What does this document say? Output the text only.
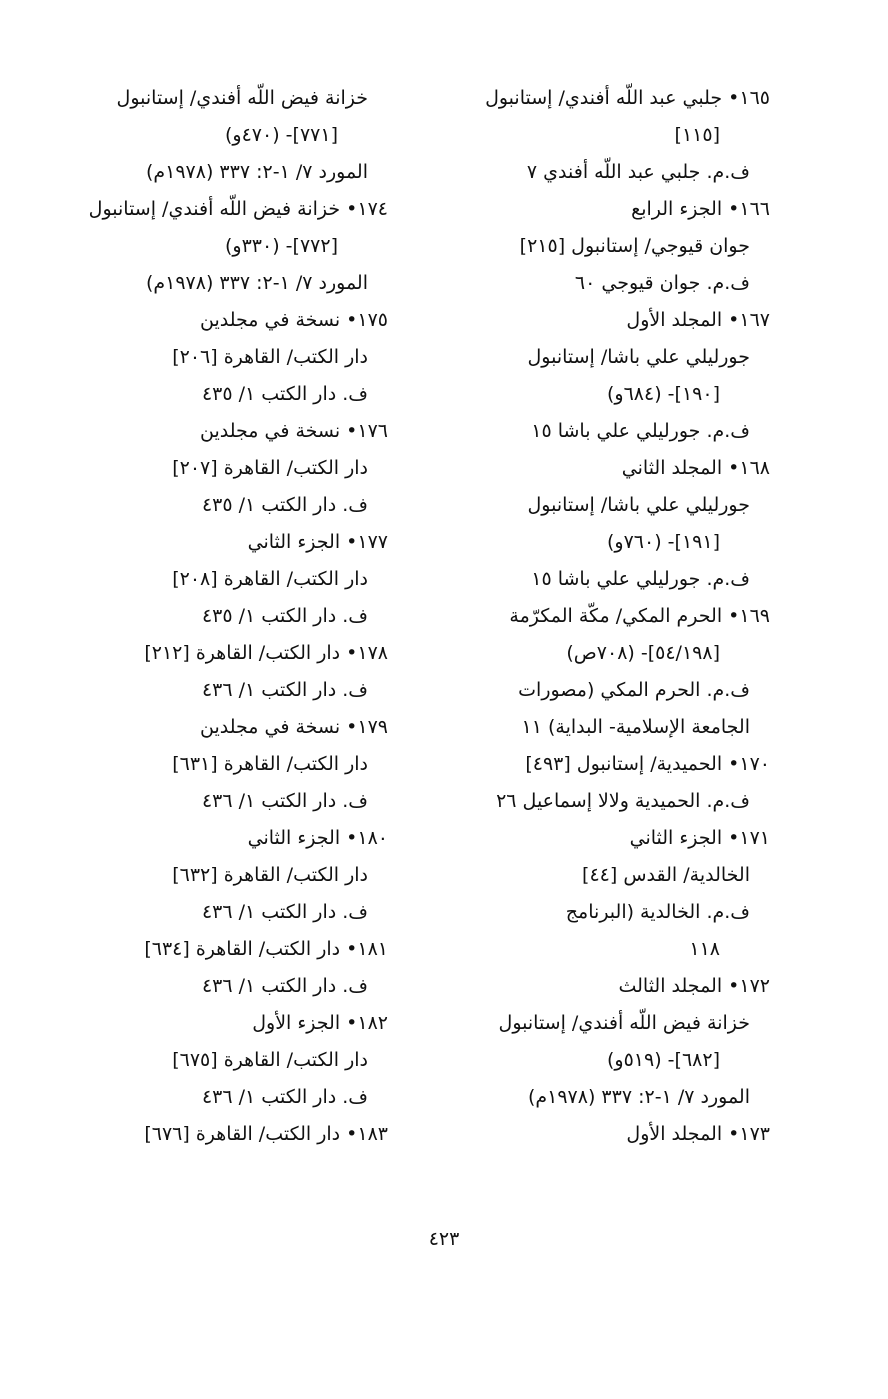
١٦٥• جلبي عبد اللّه أفندي/ إستانبول
[١١٥]
ف.م. جلبي عبد اللّه أفندي ٧
١٦٦• الجزء الرابع
جوان قيوجي/ إستانبول [٢١٥]
ف.م. جوان قيوجي ٦٠
١٦٧• المجلد الأول
جورليلي علي باشا/ إستانبول
[١٩٠]- (٦٨٤و)
ف.م. جورليلي علي باشا ١٥
١٦٨• المجلد الثاني
جورليلي علي باشا/ إستانبول
[١٩١]- (٧٦٠و)
ف.م. جورليلي علي باشا ١٥
١٦٩• الحرم المكي/ مكّة المكرّمة
[٥٤/١٩٨]- (٧٠٨ص)
ف.م. الحرم المكي (مصورات
الجامعة الإسلامية- البداية) ١١
١٧٠• الحميدية/ إستانبول [٤٩٣]
ف.م. الحميدية ولالا إسماعيل ٢٦
١٧١• الجزء الثاني
الخالدية/ القدس [٤٤]
ف.م. الخالدية (البرنامج
١١٨
١٧٢• المجلد الثالث
خزانة فيض اللّه أفندي/ إستانبول
[٦٨٢]- (٥١٩و)
المورد ٧/ ١-٢: ٣٣٧ (١٩٧٨م)
١٧٣• المجلد الأول
خزانة فيض اللّه أفندي/ إستانبول
[٧٧١]- (٤٧٠و)
المورد ٧/ ١-٢: ٣٣٧ (١٩٧٨م)
١٧٤• خزانة فيض اللّه أفندي/ إستانبول
[٧٧٢]- (٣٣٠و)
المورد ٧/ ١-٢: ٣٣٧ (١٩٧٨م)
١٧٥• نسخة في مجلدين
دار الكتب/ القاهرة [٢٠٦]
ف. دار الكتب ١/ ٤٣٥
١٧٦• نسخة في مجلدين
دار الكتب/ القاهرة [٢٠٧]
ف. دار الكتب ١/ ٤٣٥
١٧٧• الجزء الثاني
دار الكتب/ القاهرة [٢٠٨]
ف. دار الكتب ١/ ٤٣٥
١٧٨• دار الكتب/ القاهرة [٢١٢]
ف. دار الكتب ١/ ٤٣٦
١٧٩• نسخة في مجلدين
دار الكتب/ القاهرة [٦٣١]
ف. دار الكتب ١/ ٤٣٦
١٨٠• الجزء الثاني
دار الكتب/ القاهرة [٦٣٢]
ف. دار الكتب ١/ ٤٣٦
١٨١• دار الكتب/ القاهرة [٦٣٤]
ف. دار الكتب ١/ ٤٣٦
١٨٢• الجزء الأول
دار الكتب/ القاهرة [٦٧٥]
ف. دار الكتب ١/ ٤٣٦
١٨٣• دار الكتب/ القاهرة [٦٧٦]
٤٢٣
